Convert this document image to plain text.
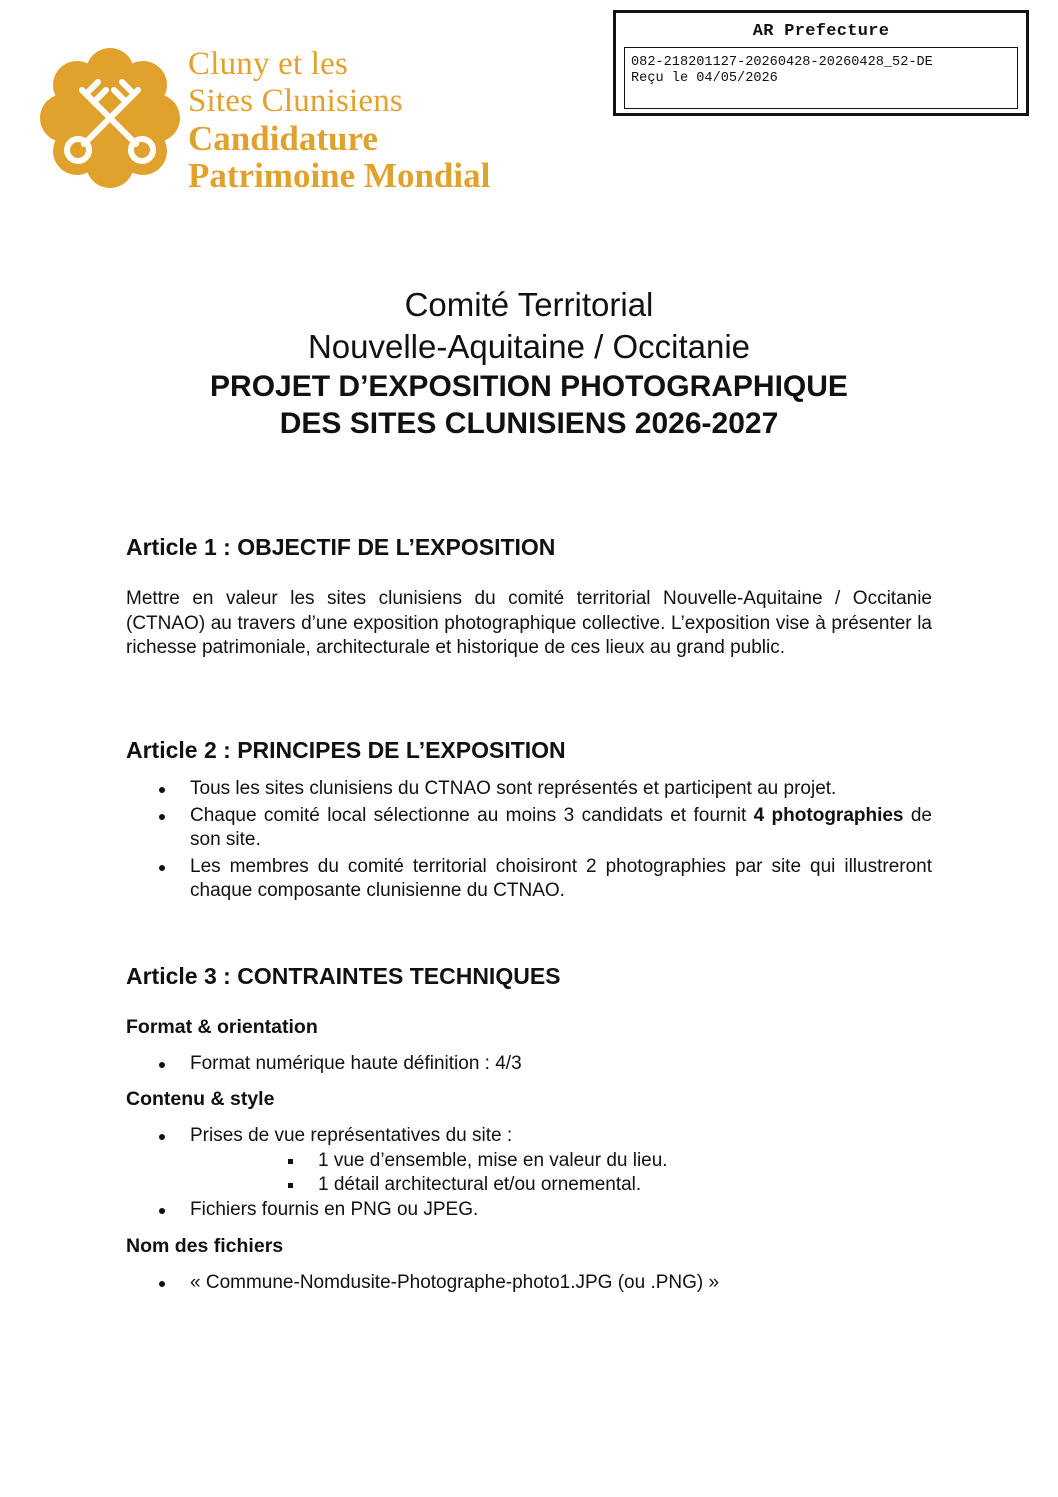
Cluny et les
Sites Clunisiens
Candidature
Patrimoine Mondial
AR Prefecture
082-218201127-20260428-20260428_52-DE
Reçu le 04/05/2026
Comité Territorial
Nouvelle-Aquitaine / Occitanie
PROJET D’EXPOSITION PHOTOGRAPHIQUE
DES SITES CLUNISIENS 2026-2027
Article 1 : OBJECTIF DE L’EXPOSITION
Mettre en valeur les sites clunisiens du comité territorial Nouvelle-Aquitaine / Occitanie (CTNAO) au travers d’une exposition photographique collective. L’exposition vise à présenter la richesse patrimoniale, architecturale et historique de ces lieux au grand public.
Article 2 : PRINCIPES DE L’EXPOSITION
Tous les sites clunisiens du CTNAO sont représentés et participent au projet.
Chaque comité local sélectionne au moins 3 candidats et fournit 4 photographies de son site.
Les membres du comité territorial choisiront 2 photographies par site qui illustreront chaque composante clunisienne du CTNAO.
Article 3 : CONTRAINTES TECHNIQUES
Format & orientation
Format numérique haute définition : 4/3
Contenu & style
Prises de vue représentatives du site :
1 vue d’ensemble, mise en valeur du lieu.
1 détail architectural et/ou ornemental.
Fichiers fournis en PNG ou JPEG.
Nom des fichiers
« Commune-Nomdusite-Photographe-photo1.JPG (ou .PNG) »
